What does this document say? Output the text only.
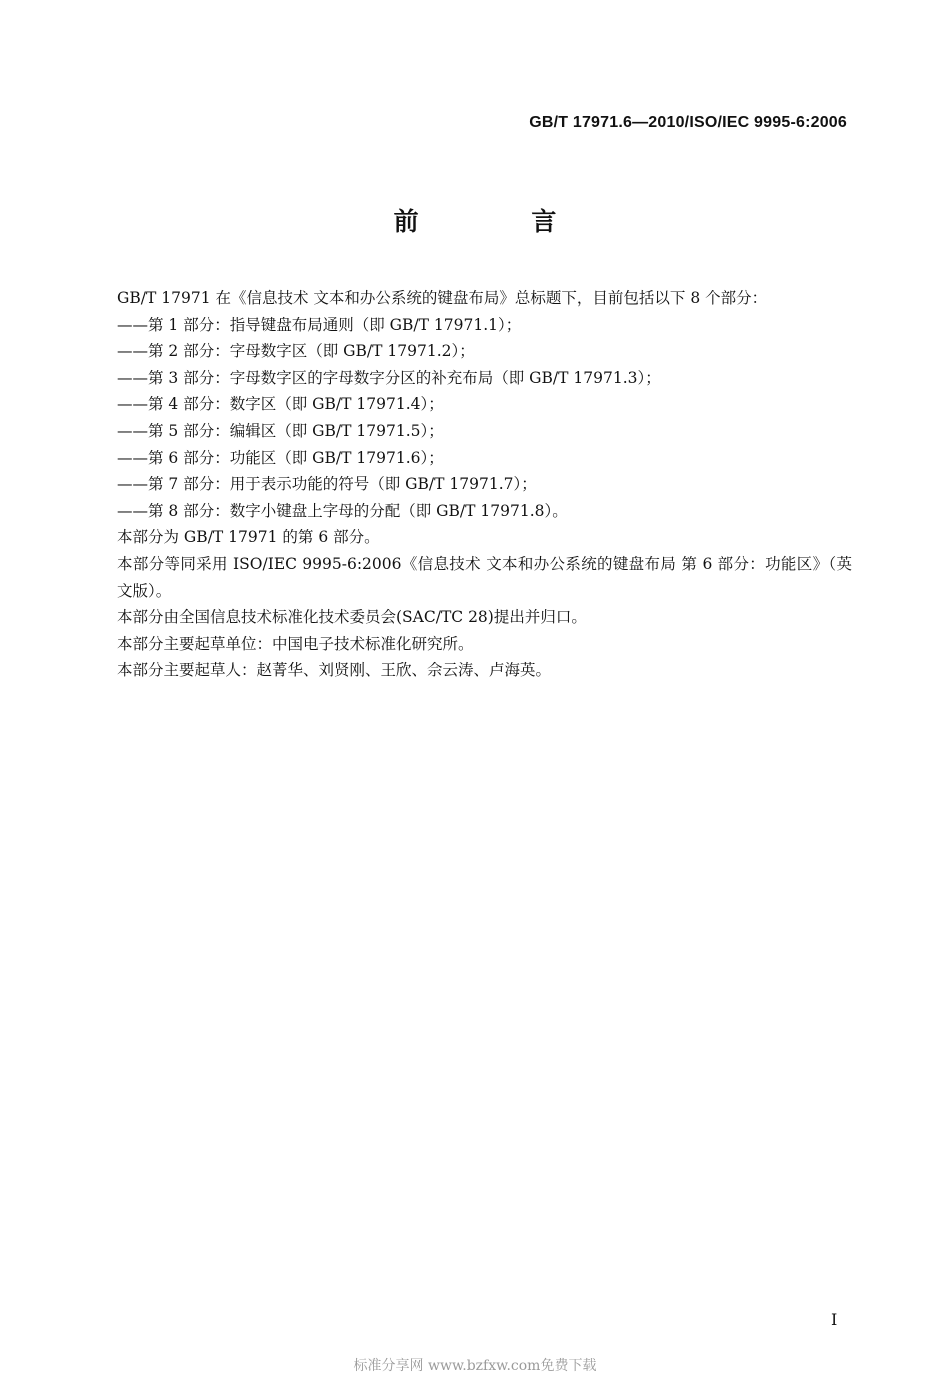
GB/T 17971.6—2010/ISO/IEC 9995-6:2006
前 言

GB/T 17971 在《信息技术 文本和办公系统的键盘布局》总标题下，目前包括以下 8 个部分：

——第 1 部分：指导键盘布局通则（即 GB/T 17971.1）；

——第 2 部分：字母数字区（即 GB/T 17971.2）；

——第 3 部分：字母数字区的字母数字分区的补充布局（即 GB/T 17971.3）；

——第 4 部分：数字区（即 GB/T 17971.4）；

——第 5 部分：编辑区（即 GB/T 17971.5）；

——第 6 部分：功能区（即 GB/T 17971.6）；

——第 7 部分：用于表示功能的符号（即 GB/T 17971.7）；

——第 8 部分：数字小键盘上字母的分配（即 GB/T 17971.8）。

本部分为 GB/T 17971 的第 6 部分。

本部分等同采用 ISO/IEC 9995-6:2006《信息技术 文本和办公系统的键盘布局 第 6 部分：功能区》（英文版）。

本部分由全国信息技术标准化技术委员会(SAC/TC 28)提出并归口。

本部分主要起草单位：中国电子技术标准化研究所。

本部分主要起草人：赵菁华、刘贤刚、王欣、佘云涛、卢海英。

I
标准分享网 www.bzfxw.com免费下载
